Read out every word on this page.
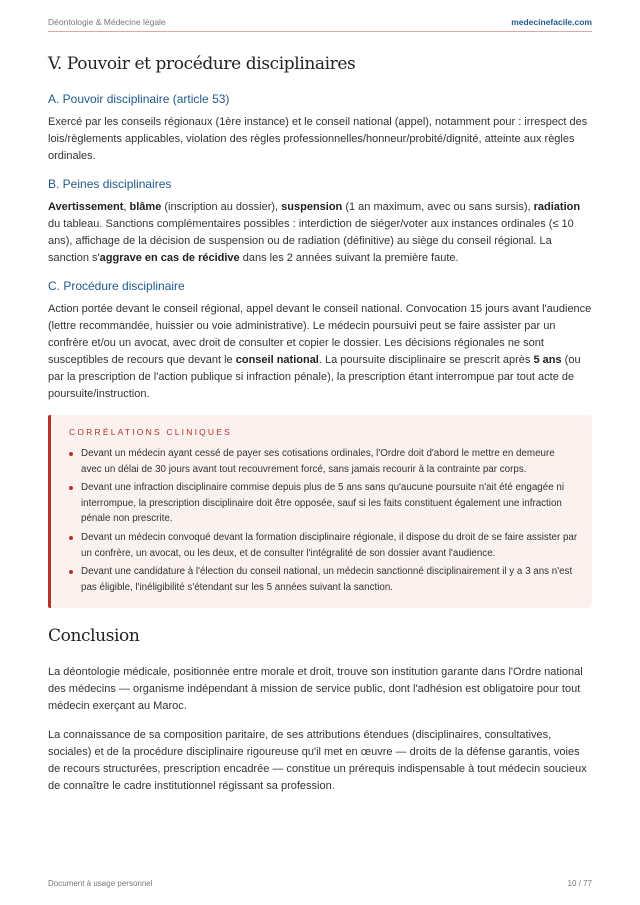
Déontologie & Médecine légale	medecinefacile.com
V. Pouvoir et procédure disciplinaires
A. Pouvoir disciplinaire (article 53)

Exercé par les conseils régionaux (1ère instance) et le conseil national (appel), notamment pour : irrespect des lois/règlements applicables, violation des règles professionnelles/honneur/probité/dignité, atteinte aux règles ordinales.

B. Peines disciplinaires

Avertissement, blâme (inscription au dossier), suspension (1 an maximum, avec ou sans sursis), radiation du tableau. Sanctions complémentaires possibles : interdiction de siéger/voter aux instances ordinales (≤ 10 ans), affichage de la décision de suspension ou de radiation (définitive) au siège du conseil régional. La sanction s'aggrave en cas de récidive dans les 2 années suivant la première faute.

C. Procédure disciplinaire

Action portée devant le conseil régional, appel devant le conseil national. Convocation 15 jours avant l'audience (lettre recommandée, huissier ou voie administrative). Le médecin poursuivi peut se faire assister par un confrère et/ou un avocat, avec droit de consulter et copier le dossier. Les décisions régionales ne sont susceptibles de recours que devant le conseil national. La poursuite disciplinaire se prescrit après 5 ans (ou par la prescription de l'action publique si infraction pénale), la prescription étant interrompue par tout acte de poursuite/instruction.

CORRÉLATIONS CLINIQUES
Devant un médecin ayant cessé de payer ses cotisations ordinales, l'Ordre doit d'abord le mettre en demeure avec un délai de 30 jours avant tout recouvrement forcé, sans jamais recourir à la contrainte par corps.
Devant une infraction disciplinaire commise depuis plus de 5 ans sans qu'aucune poursuite n'ait été engagée ni interrompue, la prescription disciplinaire doit être opposée, sauf si les faits constituent également une infraction pénale non prescrite.
Devant un médecin convoqué devant la formation disciplinaire régionale, il dispose du droit de se faire assister par un confrère, un avocat, ou les deux, et de consulter l'intégralité de son dossier avant l'audience.
Devant une candidature à l'élection du conseil national, un médecin sanctionné disciplinairement il y a 3 ans n'est pas éligible, l'inéligibilité s'étendant sur les 5 années suivant la sanction.
Conclusion

La déontologie médicale, positionnée entre morale et droit, trouve son institution garante dans l'Ordre national des médecins — organisme indépendant à mission de service public, dont l'adhésion est obligatoire pour tout médecin exerçant au Maroc.

La connaissance de sa composition paritaire, de ses attributions étendues (disciplinaires, consultatives, sociales) et de la procédure disciplinaire rigoureuse qu'il met en œuvre — droits de la défense garantis, voies de recours structurées, prescription encadrée — constitue un prérequis indispensable à tout médecin soucieux de connaître le cadre institutionnel régissant sa profession.

Document à usage personnel	10 / 77
